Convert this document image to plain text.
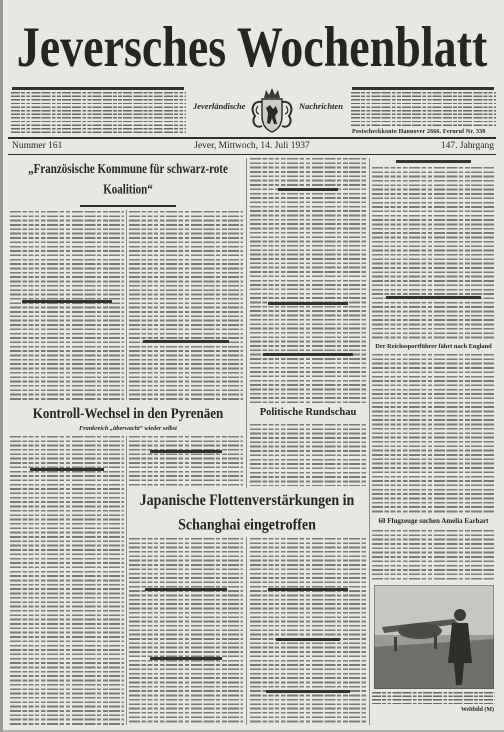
Jeversches Wochenblatt
Jeverländische	Nachrichten
Postscheckkonto Hannover 2666. Fernruf Nr. 338
Nummer 161	Jever, Mittwoch, 14. Juli 1937	147. Jahrgang
„Französische Kommune für schwarz-rote
Koalition“
Kontroll-Wechsel in den Pyrenäen
Frankreich „überwacht“ wieder selbst
Japanische Flottenverstärkungen in
Schanghai eingetroffen
Politische Rundschau
Der Reichssportführer fährt nach England
60 Flugzeuge suchen Amelia Earhart
Weltbild (M)
